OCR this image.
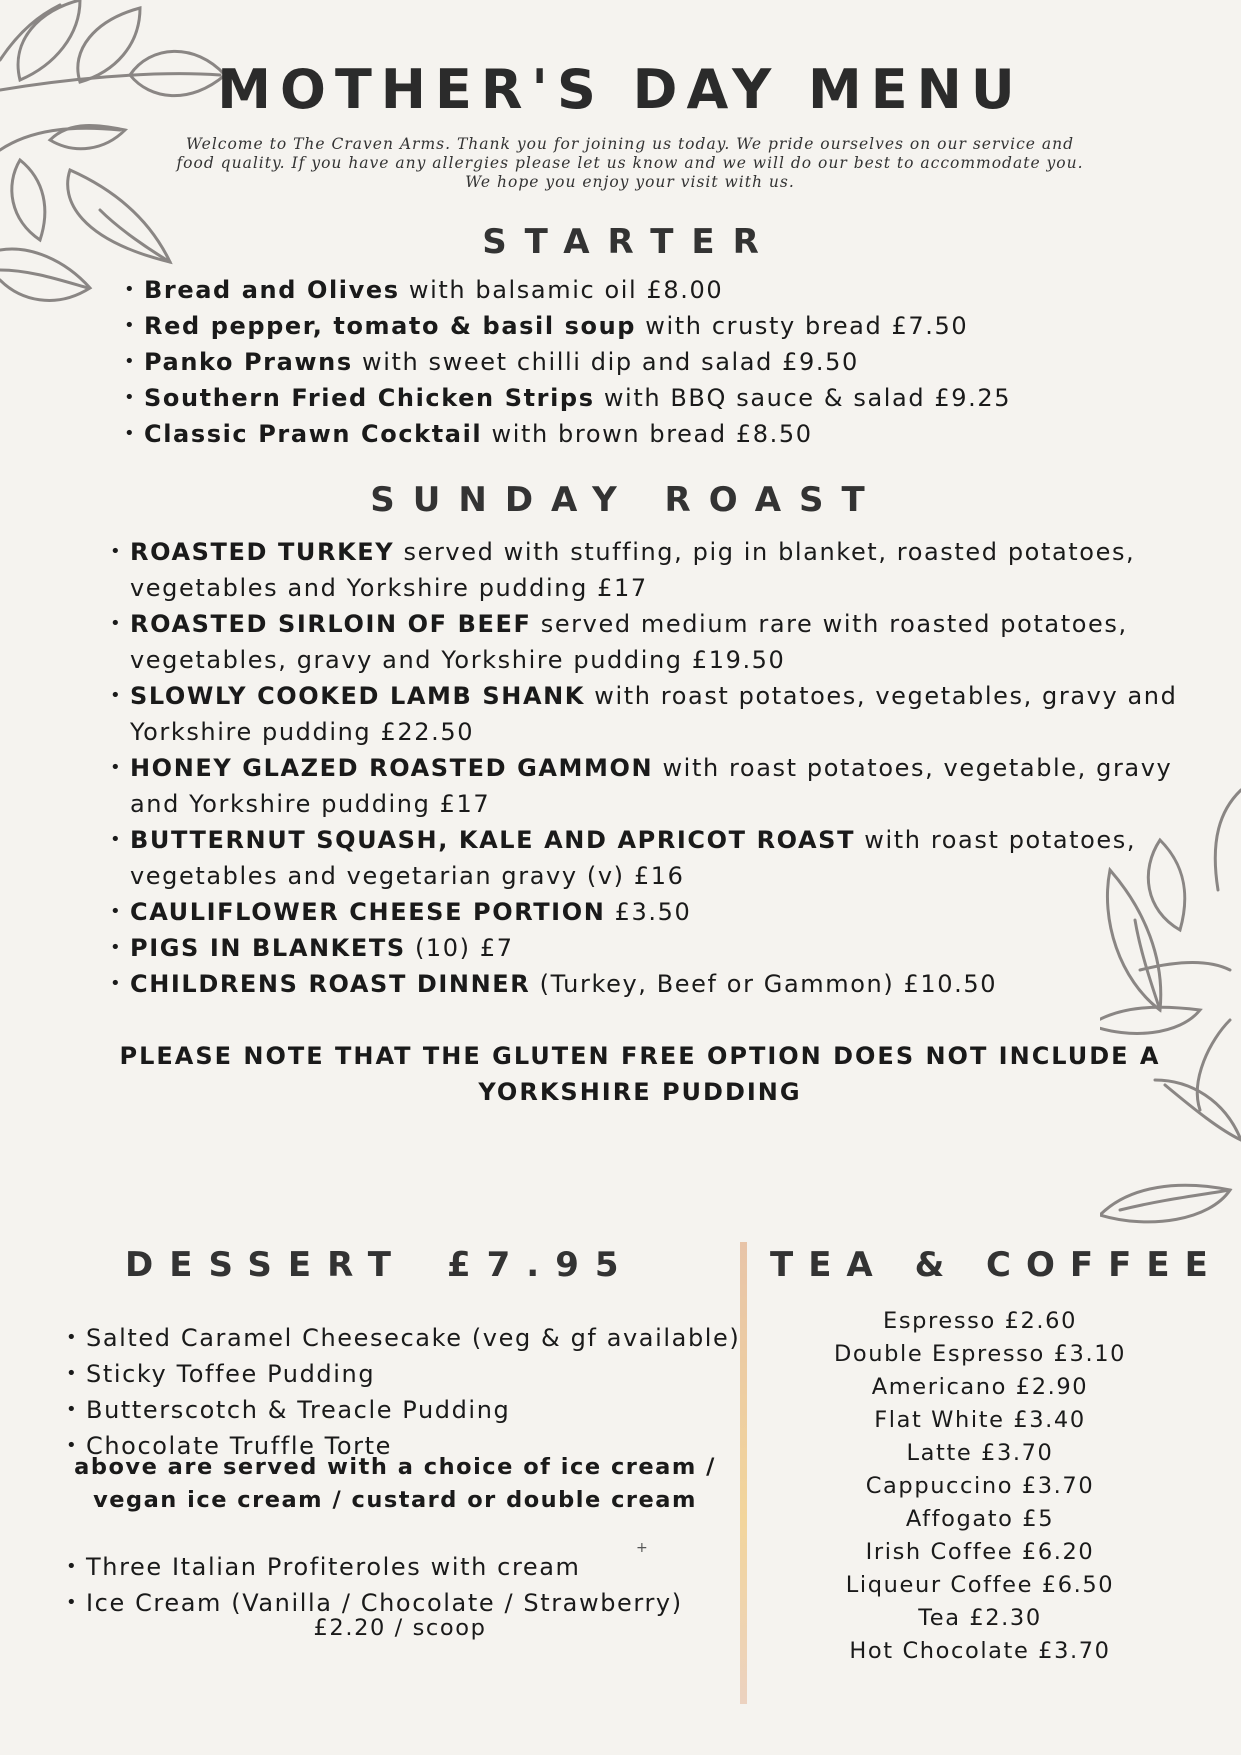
MOTHER'S DAY MENU
Welcome to The Craven Arms. Thank you for joining us today. We pride ourselves on our service and
food quality. If you have any allergies please let us know and we will do our best to accommodate you.
We hope you enjoy your visit with us.
STARTER
• Bread and Olives with balsamic oil £8.00
• Red pepper, tomato & basil soup with crusty bread £7.50
• Panko Prawns with sweet chilli dip and salad £9.50
• Southern Fried Chicken Strips with BBQ sauce & salad £9.25
• Classic Prawn Cocktail with brown bread £8.50
SUNDAY ROAST
• ROASTED TURKEY served with stuffing, pig in blanket, roasted potatoes, vegetables and Yorkshire pudding £17
• ROASTED SIRLOIN OF BEEF served medium rare with roasted potatoes, vegetables, gravy and Yorkshire pudding £19.50
• SLOWLY COOKED LAMB SHANK with roast potatoes, vegetables, gravy and Yorkshire pudding £22.50
• HONEY GLAZED ROASTED GAMMON with roast potatoes, vegetable, gravy and Yorkshire pudding £17
• BUTTERNUT SQUASH, KALE AND APRICOT ROAST with roast potatoes, vegetables and vegetarian gravy (v) £16
• CAULIFLOWER CHEESE PORTION £3.50
• PIGS IN BLANKETS (10) £7
• CHILDRENS ROAST DINNER (Turkey, Beef or Gammon) £10.50
PLEASE NOTE THAT THE GLUTEN FREE OPTION DOES NOT INCLUDE A YORKSHIRE PUDDING
DESSERT £7.95
• Salted Caramel Cheesecake (veg & gf available)
• Sticky Toffee Pudding
• Butterscotch & Treacle Pudding
• Chocolate Truffle Torte
above are served with a choice of ice cream / vegan ice cream / custard or double cream
• Three Italian Profiteroles with cream
• Ice Cream (Vanilla / Chocolate / Strawberry)
+
£2.20 / scoop
TEA & COFFEE
Espresso £2.60
Double Espresso £3.10
Americano £2.90
Flat White £3.40
Latte £3.70
Cappuccino £3.70
Affogato £5
Irish Coffee £6.20
Liqueur Coffee £6.50
Tea £2.30
Hot Chocolate £3.70
